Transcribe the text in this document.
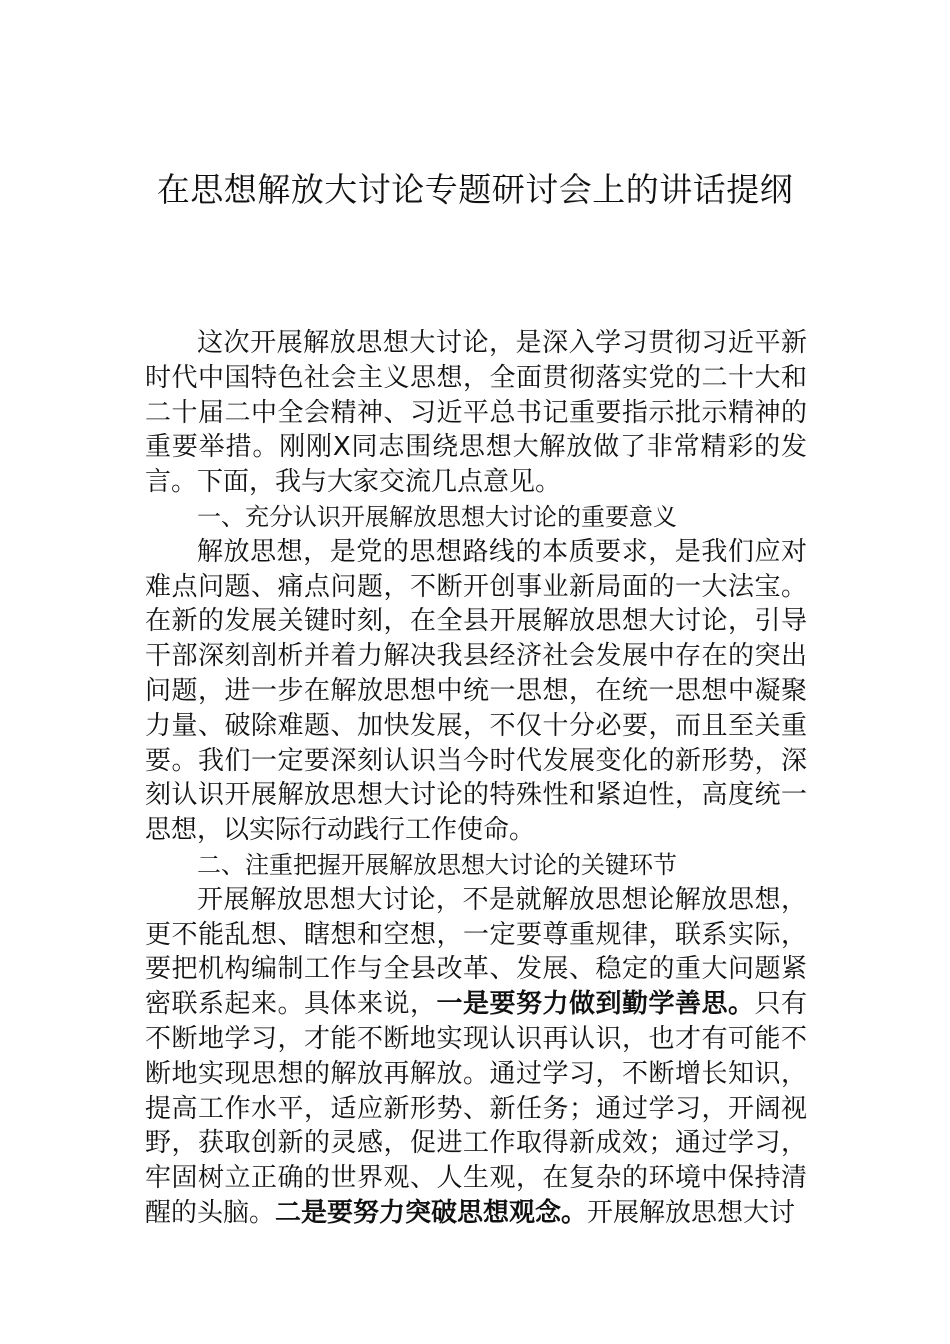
在思想解放大讨论专题研讨会上的讲话提纲

这次开展解放思想大讨论，是深入学习贯彻习近平新时代中国特色社会主义思想，全面贯彻落实党的二十大和二十届二中全会精神、习近平总书记重要指示批示精神的重要举措。刚刚X同志围绕思想大解放做了非常精彩的发言。下面，我与大家交流几点意见。

一、充分认识开展解放思想大讨论的重要意义

解放思想，是党的思想路线的本质要求，是我们应对难点问题、痛点问题，不断开创事业新局面的一大法宝。在新的发展关键时刻，在全县开展解放思想大讨论，引导干部深刻剖析并着力解决我县经济社会发展中存在的突出问题，进一步在解放思想中统一思想，在统一思想中凝聚力量、破除难题、加快发展，不仅十分必要，而且至关重要。我们一定要深刻认识当今时代发展变化的新形势，深刻认识开展解放思想大讨论的特殊性和紧迫性，高度统一思想，以实际行动践行工作使命。

二、注重把握开展解放思想大讨论的关键环节

开展解放思想大讨论，不是就解放思想论解放思想，更不能乱想、瞎想和空想，一定要尊重规律，联系实际，要把机构编制工作与全县改革、发展、稳定的重大问题紧密联系起来。具体来说，一是要努力做到勤学善思。只有不断地学习，才能不断地实现认识再认识，也才有可能不断地实现思想的解放再解放。通过学习，不断增长知识，提高工作水平，适应新形势、新任务；通过学习，开阔视野，获取创新的灵感，促进工作取得新成效；通过学习，牢固树立正确的世界观、人生观，在复杂的环境中保持清醒的头脑。二是要努力突破思想观念。开展解放思想大讨
